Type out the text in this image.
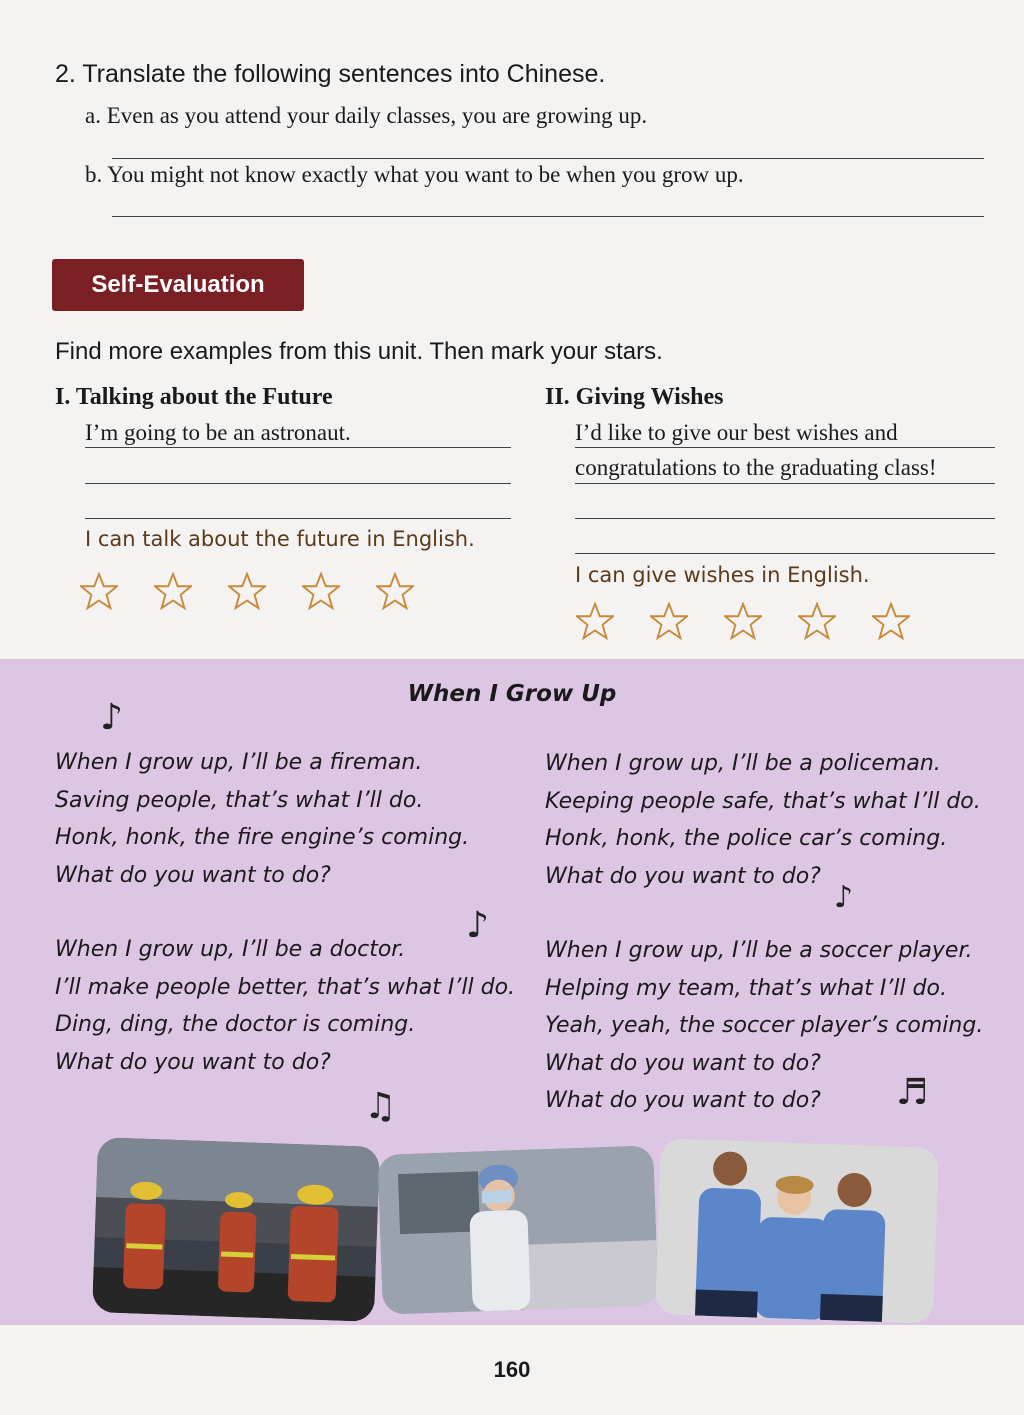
2. Translate the following sentences into Chinese.
a. Even as you attend your daily classes, you are growing up.
b. You might not know exactly what you want to be when you grow up.
Self-Evaluation
Find more examples from this unit. Then mark your stars.
I. Talking about the Future
I’m going to be an astronaut.
I can talk about the future in English.
II. Giving Wishes
I’d like to give our best wishes and
congratulations to the graduating class!
I can give wishes in English.
When I Grow Up
♪
♪
♪
♫	♬
When I grow up, I’ll be a fireman.
Saving people, that’s what I’ll do.
Honk, honk, the fire engine’s coming.
What do you want to do?
When I grow up, I’ll be a policeman.
Keeping people safe, that’s what I’ll do.
Honk, honk, the police car’s coming.
What do you want to do?
When I grow up, I’ll be a doctor.
I’ll make people better, that’s what I’ll do.
Ding, ding, the doctor is coming.
What do you want to do?
When I grow up, I’ll be a soccer player.
Helping my team, that’s what I’ll do.
Yeah, yeah, the soccer player’s coming.
What do you want to do?
What do you want to do?
160
